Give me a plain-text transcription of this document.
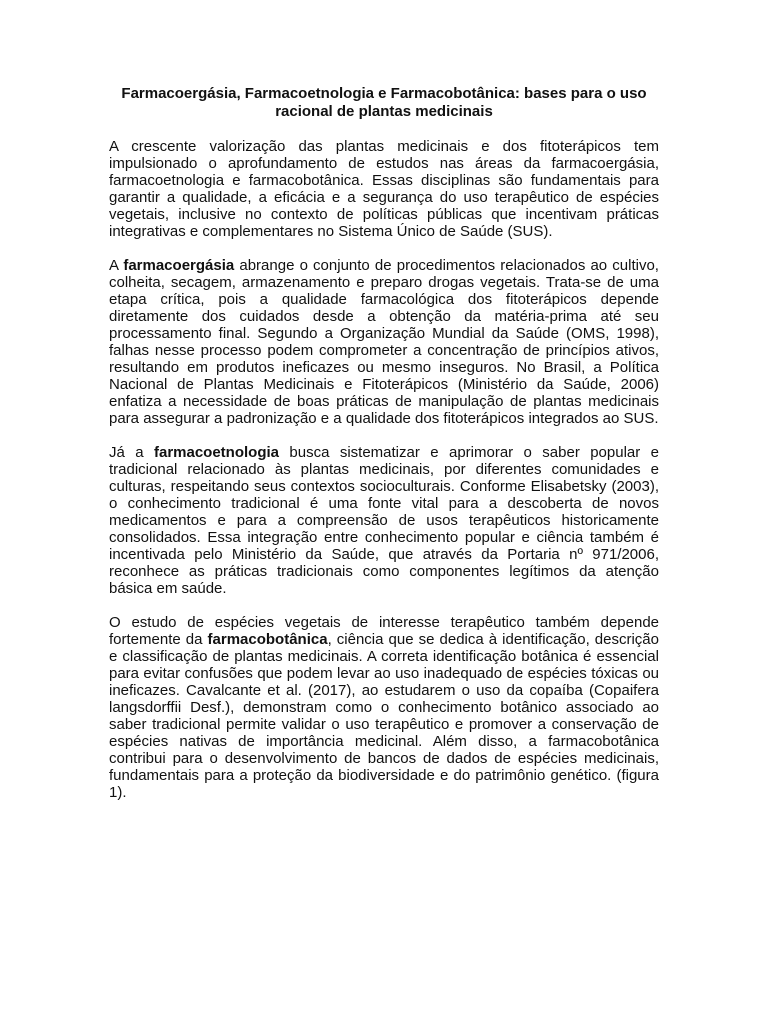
Farmacoergásia, Farmacoetnologia e Farmacobotânica: bases para o uso racional de plantas medicinais

A crescente valorização das plantas medicinais e dos fitoterápicos tem impulsionado o aprofundamento de estudos nas áreas da farmacoergásia, farmacoetnologia e farmacobotânica. Essas disciplinas são fundamentais para garantir a qualidade, a eficácia e a segurança do uso terapêutico de espécies vegetais, inclusive no contexto de políticas públicas que incentivam práticas integrativas e complementares no Sistema Único de Saúde (SUS).

A farmacoergásia abrange o conjunto de procedimentos relacionados ao cultivo, colheita, secagem, armazenamento e preparo drogas vegetais. Trata-se de uma etapa crítica, pois a qualidade farmacológica dos fitoterápicos depende diretamente dos cuidados desde a obtenção da matéria-prima até seu processamento final. Segundo a Organização Mundial da Saúde (OMS, 1998), falhas nesse processo podem comprometer a concentração de princípios ativos, resultando em produtos ineficazes ou mesmo inseguros. No Brasil, a Política Nacional de Plantas Medicinais e Fitoterápicos (Ministério da Saúde, 2006) enfatiza a necessidade de boas práticas de manipulação de plantas medicinais para assegurar a padronização e a qualidade dos fitoterápicos integrados ao SUS.

Já a farmacoetnologia busca sistematizar e aprimorar o saber popular e tradicional relacionado às plantas medicinais, por diferentes comunidades e culturas, respeitando seus contextos socioculturais. Conforme Elisabetsky (2003), o conhecimento tradicional é uma fonte vital para a descoberta de novos medicamentos e para a compreensão de usos terapêuticos historicamente consolidados. Essa integração entre conhecimento popular e ciência também é incentivada pelo Ministério da Saúde, que através da Portaria nº 971/2006, reconhece as práticas tradicionais como componentes legítimos da atenção básica em saúde.

O estudo de espécies vegetais de interesse terapêutico também depende fortemente da farmacobotânica, ciência que se dedica à identificação, descrição e classificação de plantas medicinais. A correta identificação botânica é essencial para evitar confusões que podem levar ao uso inadequado de espécies tóxicas ou ineficazes. Cavalcante et al. (2017), ao estudarem o uso da copaíba (Copaifera langsdorffii Desf.), demonstram como o conhecimento botânico associado ao saber tradicional permite validar o uso terapêutico e promover a conservação de espécies nativas de importância medicinal. Além disso, a farmacobotânica contribui para o desenvolvimento de bancos de dados de espécies medicinais, fundamentais para a proteção da biodiversidade e do patrimônio genético. (figura 1).
